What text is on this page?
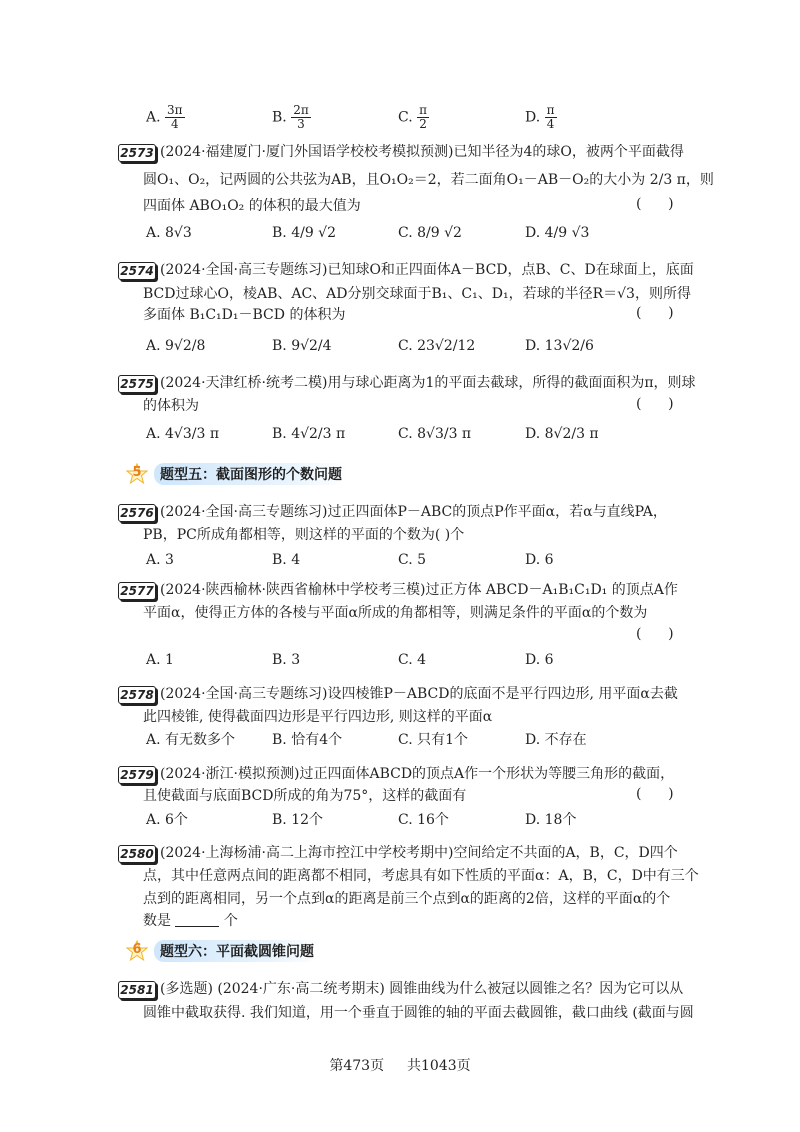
A. $\frac{3\pi}{4}$	B. $\frac{2\pi}{3}$	C. $\frac{\pi}{2}$	D. $\frac{\pi}{4}$
2573 (2024·福建厦门·厦门外国语学校校考模拟预测)已知半径为4的球O，被两个平面截得
圆O₁、O₂，记两圆的公共弦为AB，且O₁O₂＝2，若二面角O₁－AB－O₂的大小为 2/3 π，则
四面体 ABO₁O₂ 的体积的最大值为	(      )
A. 8√3	B. 4/9 √2	C. 8/9 √2	D. 4/9 √3
2574 (2024·全国·高三专题练习)已知球O和正四面体A－BCD，点B、C、D在球面上，底面
BCD过球心O，棱AB、AC、AD分别交球面于B₁、C₁、D₁，若球的半径R＝√3，则所得
多面体 B₁C₁D₁－BCD 的体积为	(      )
A. 9√2/8	B. 9√2/4	C. 23√2/12	D. 13√2/6
2575 (2024·天津红桥·统考二模)用与球心距离为1的平面去截球，所得的截面面积为π，则球
的体积为	(      )
A. 4√3/3 π	B. 4√2/3 π	C. 8√3/3 π	D. 8√2/3 π
5	题型五：截面图形的个数问题
2576 (2024·全国·高三专题练习)过正四面体P－ABC的顶点P作平面α，若α与直线PA，
PB，PC所成角都相等，则这样的平面的个数为( )个
A. 3	B. 4	C. 5	D. 6
2577 (2024·陕西榆林·陕西省榆林中学校考三模)过正方体 ABCD－A₁B₁C₁D₁ 的顶点A作
平面α，使得正方体的各棱与平面α所成的角都相等，则满足条件的平面α的个数为
(      )
A. 1	B. 3	C. 4	D. 6
2578 (2024·全国·高三专题练习)设四棱锥P－ABCD的底面不是平行四边形, 用平面α去截
此四棱锥, 使得截面四边形是平行四边形, 则这样的平面α
A. 有无数多个	B. 恰有4个	C. 只有1个	D. 不存在
2579 (2024·浙江·模拟预测)过正四面体ABCD的顶点A作一个形状为等腰三角形的截面，
且使截面与底面BCD所成的角为75°，这样的截面有	(      )
A. 6个	B. 12个	C. 16个	D. 18个
2580 (2024·上海杨浦·高二上海市控江中学校考期中)空间给定不共面的A，B，C，D四个
点，其中任意两点间的距离都不相同，考虑具有如下性质的平面α：A，B，C，D中有三个
点到的距离相同，另一个点到α的距离是前三个点到α的距离的2倍，这样的平面α的个
数是	个
6	题型六：平面截圆锥问题
2581 (多选题) (2024·广东·高二统考期末) 圆锥曲线为什么被冠以圆锥之名？因为它可以从
圆锥中截取获得. 我们知道，用一个垂直于圆锥的轴的平面去截圆锥，截口曲线 (截面与圆
第473页 共1043页
